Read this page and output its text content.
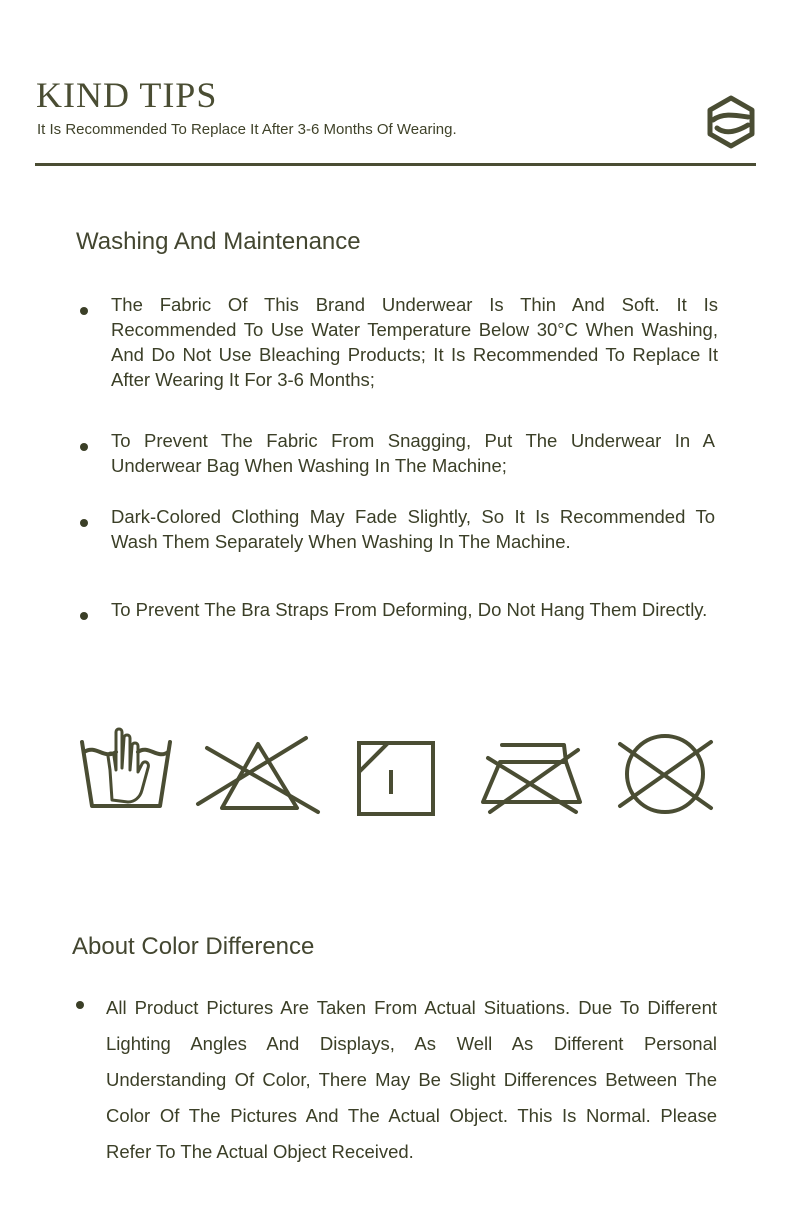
KIND TIPS
It Is Recommended To Replace It After 3-6 Months Of Wearing.
Washing And Maintenance
The Fabric Of This Brand Underwear Is Thin And Soft. It Is Recommended To Use Water Temperature Below 30°C When Washing, And Do Not Use Bleaching Products; It Is Recommended To Replace It After Wearing It For 3-6 Months;
To Prevent The Fabric From Snagging, Put The Underwear In A Underwear Bag When Washing In The Machine;
Dark-Colored Clothing May Fade Slightly, So It Is Recommended To Wash Them Separately When Washing In The Machine.
To Prevent The Bra Straps From Deforming, Do Not Hang Them Directly.
About Color Difference
All Product Pictures Are Taken From Actual Situations. Due To Different Lighting Angles And Displays, As Well As Different Personal Understanding Of Color, There May Be Slight Differences Between The Color Of The Pictures And The Actual Object. This Is Normal. Please Refer To The Actual Object Received.
